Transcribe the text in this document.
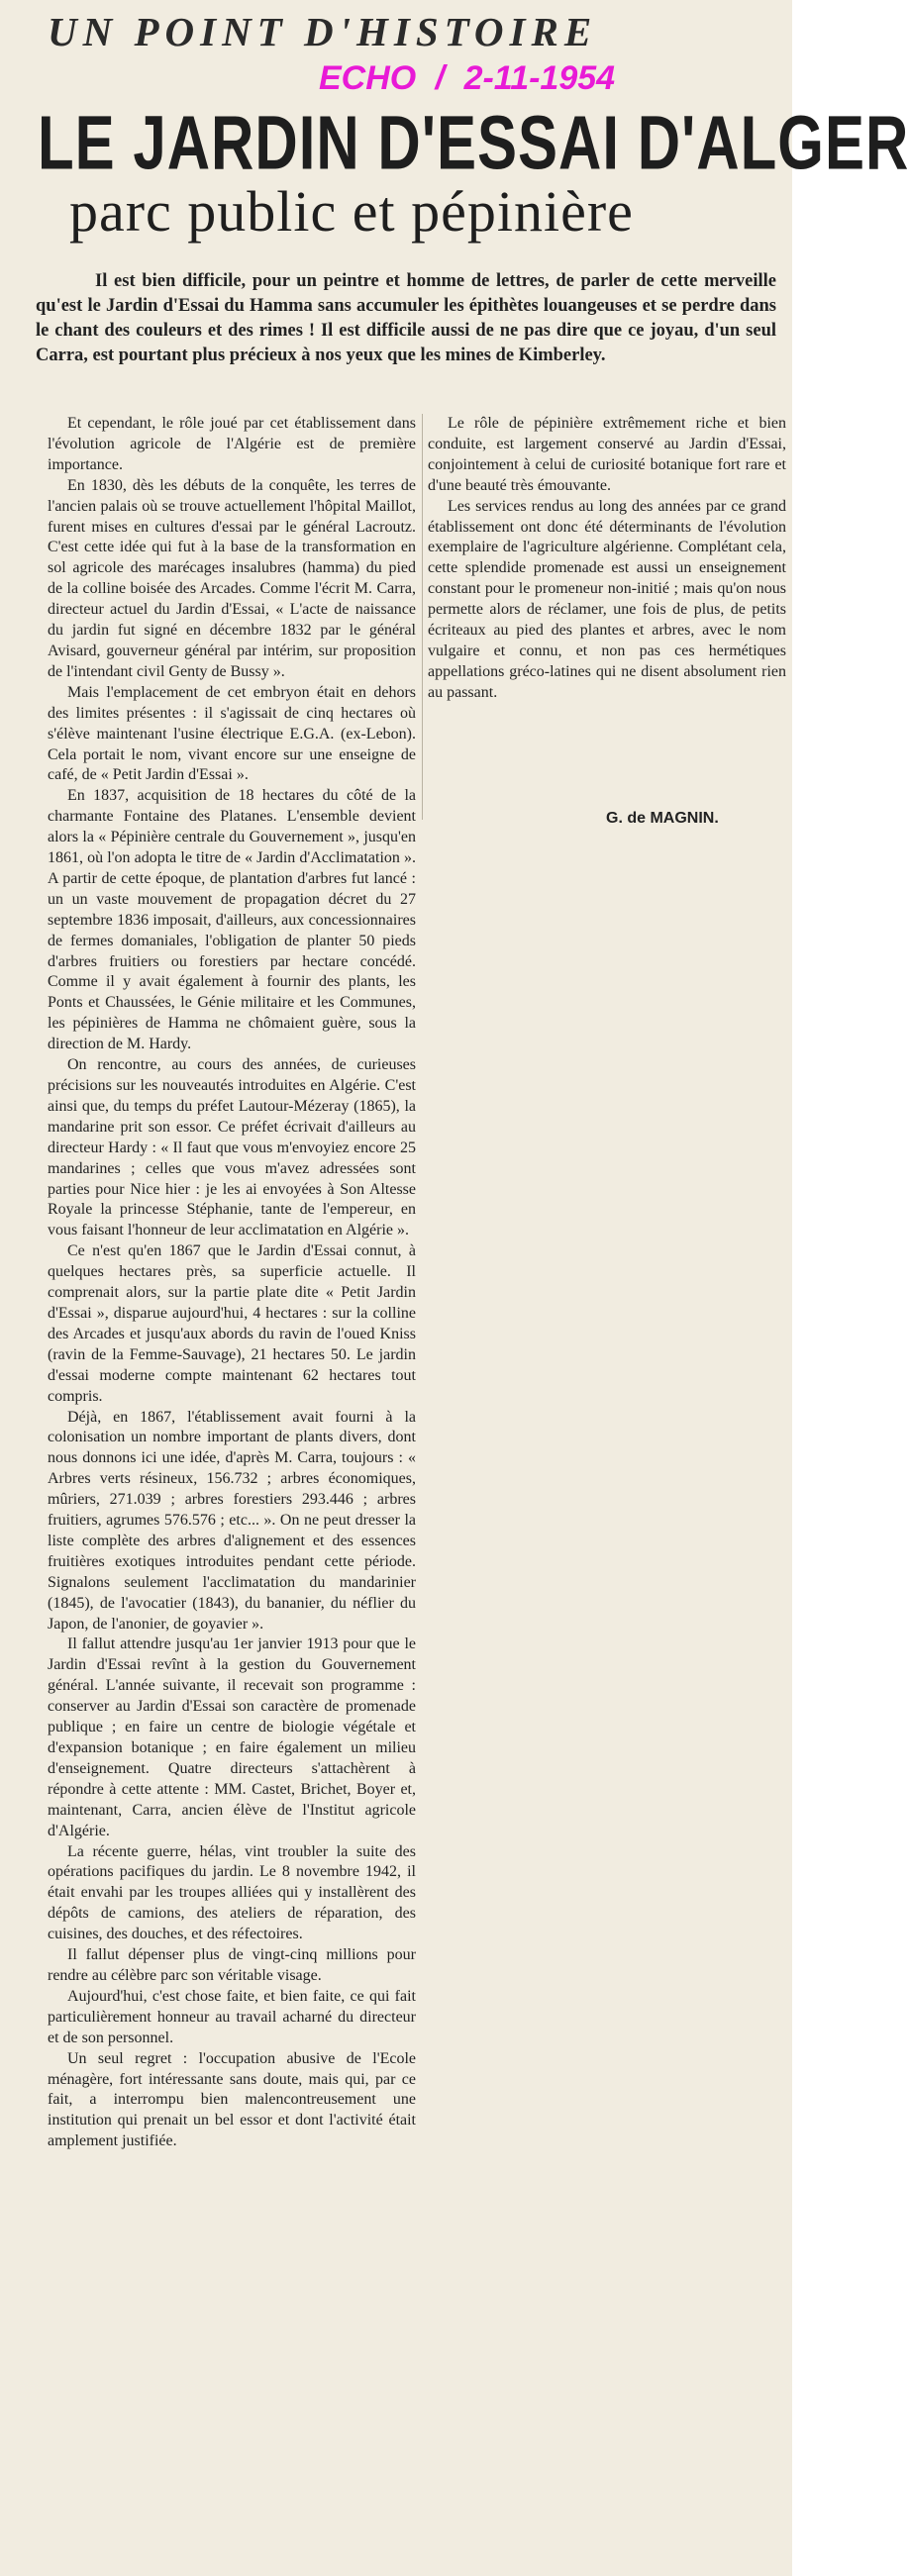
UN POINT D'HISTOIRE
ECHO / 2-11-1954
LE JARDIN D'ESSAI D'ALGER
parc public et pépinière
Il est bien difficile, pour un peintre et homme de lettres, de parler de cette merveille qu'est le Jardin d'Essai du Hamma sans accumuler les épithètes louangeuses et se perdre dans le chant des couleurs et des rimes ! Il est difficile aussi de ne pas dire que ce joyau, d'un seul Carra, est pourtant plus précieux à nos yeux que les mines de Kimberley.

Et cependant, le rôle joué par cet établissement dans l'évolution agricole de l'Algérie est de première importance.

En 1830, dès les débuts de la conquête, les terres de l'ancien palais où se trouve actuellement l'hôpital Maillot, furent mises en cultures d'essai par le général Lacroutz. C'est cette idée qui fut à la base de la transformation en sol agricole des marécages insalubres (hamma) du pied de la colline boisée des Arcades. Comme l'écrit M. Carra, directeur actuel du Jardin d'Essai, « L'acte de naissance du jardin fut signé en décembre 1832 par le général Avisard, gouverneur général par intérim, sur proposition de l'intendant civil Genty de Bussy ».

Mais l'emplacement de cet embryon était en dehors des limites présentes : il s'agissait de cinq hectares où s'élève maintenant l'usine électrique E.G.A. (ex-Lebon). Cela portait le nom, vivant encore sur une enseigne de café, de « Petit Jardin d'Essai ».

En 1837, acquisition de 18 hectares du côté de la charmante Fontaine des Platanes. L'ensemble devient alors la « Pépinière centrale du Gouvernement », jusqu'en 1861, où l'on adopta le titre de « Jardin d'Acclimatation ». A partir de cette époque, de plantation d'arbres fut lancé : un un vaste mouvement de propagation décret du 27 septembre 1836 imposait, d'ailleurs, aux concessionnaires de fermes domaniales, l'obligation de planter 50 pieds d'arbres fruitiers ou forestiers par hectare concédé. Comme il y avait également à fournir des plants, les Ponts et Chaussées, le Génie militaire et les Communes, les pépinières de Hamma ne chômaient guère, sous la direction de M. Hardy.

On rencontre, au cours des années, de curieuses précisions sur les nouveautés introduites en Algérie. C'est ainsi que, du temps du préfet Lautour-Mézeray (1865), la mandarine prit son essor. Ce préfet écrivait d'ailleurs au directeur Hardy : « Il faut que vous m'envoyiez encore 25 mandarines ; celles que vous m'avez adressées sont parties pour Nice hier : je les ai envoyées à Son Altesse Royale la princesse Stéphanie, tante de l'empereur, en vous faisant l'honneur de leur acclimatation en Algérie ».

Ce n'est qu'en 1867 que le Jardin d'Essai connut, à quelques hectares près, sa superficie actuelle. Il comprenait alors, sur la partie plate dite « Petit Jardin d'Essai », disparue aujourd'hui, 4 hectares : sur la colline des Arcades et jusqu'aux abords du ravin de l'oued Kniss (ravin de la Femme-Sauvage), 21 hectares 50. Le jardin d'essai moderne compte maintenant 62 hectares tout compris.

Déjà, en 1867, l'établissement avait fourni à la colonisation un nombre important de plants divers, dont nous donnons ici une idée, d'après M. Carra, toujours : « Arbres verts résineux, 156.732 ; arbres économiques, mûriers, 271.039 ; arbres forestiers 293.446 ; arbres fruitiers, agrumes 576.576 ; etc... ». On ne peut dresser la liste complète des arbres d'alignement et des essences fruitières exotiques introduites pendant cette période. Signalons seulement l'acclimatation du mandarinier (1845), de l'avocatier (1843), du bananier, du néflier du Japon, de l'anonier, de goyavier ».

Il fallut attendre jusqu'au 1er janvier 1913 pour que le Jardin d'Essai revînt à la gestion du Gouvernement général. L'année suivante, il recevait son programme : conserver au Jardin d'Essai son caractère de promenade publique ; en faire un centre de biologie végétale et d'expansion botanique ; en faire également un milieu d'enseignement. Quatre directeurs s'attachèrent à répondre à cette attente : MM. Castet, Brichet, Boyer et, maintenant, Carra, ancien élève de l'Institut agricole d'Algérie.

La récente guerre, hélas, vint troubler la suite des opérations pacifiques du jardin. Le 8 novembre 1942, il était envahi par les troupes alliées qui y installèrent des dépôts de camions, des ateliers de réparation, des cuisines, des douches, et des réfectoires.

Il fallut dépenser plus de vingt-cinq millions pour rendre au célèbre parc son véritable visage.

Aujourd'hui, c'est chose faite, et bien faite, ce qui fait particulièrement honneur au travail acharné du directeur et de son personnel.

Un seul regret : l'occupation abusive de l'Ecole ménagère, fort intéressante sans doute, mais qui, par ce fait, a interrompu bien malencontreusement une institution qui prenait un bel essor et dont l'activité était amplement justifiée.

Le rôle de pépinière extrêmement riche et bien conduite, est largement conservé au Jardin d'Essai, conjointement à celui de curiosité botanique fort rare et d'une beauté très émouvante.

Les services rendus au long des années par ce grand établissement ont donc été déterminants de l'évolution exemplaire de l'agriculture algérienne. Complétant cela, cette splendide promenade est aussi un enseignement constant pour le promeneur non-initié ; mais qu'on nous permette alors de réclamer, une fois de plus, de petits écriteaux au pied des plantes et arbres, avec le nom vulgaire et connu, et non pas ces hermétiques appellations gréco-latines qui ne disent absolument rien au passant.

G. de MAGNIN.
